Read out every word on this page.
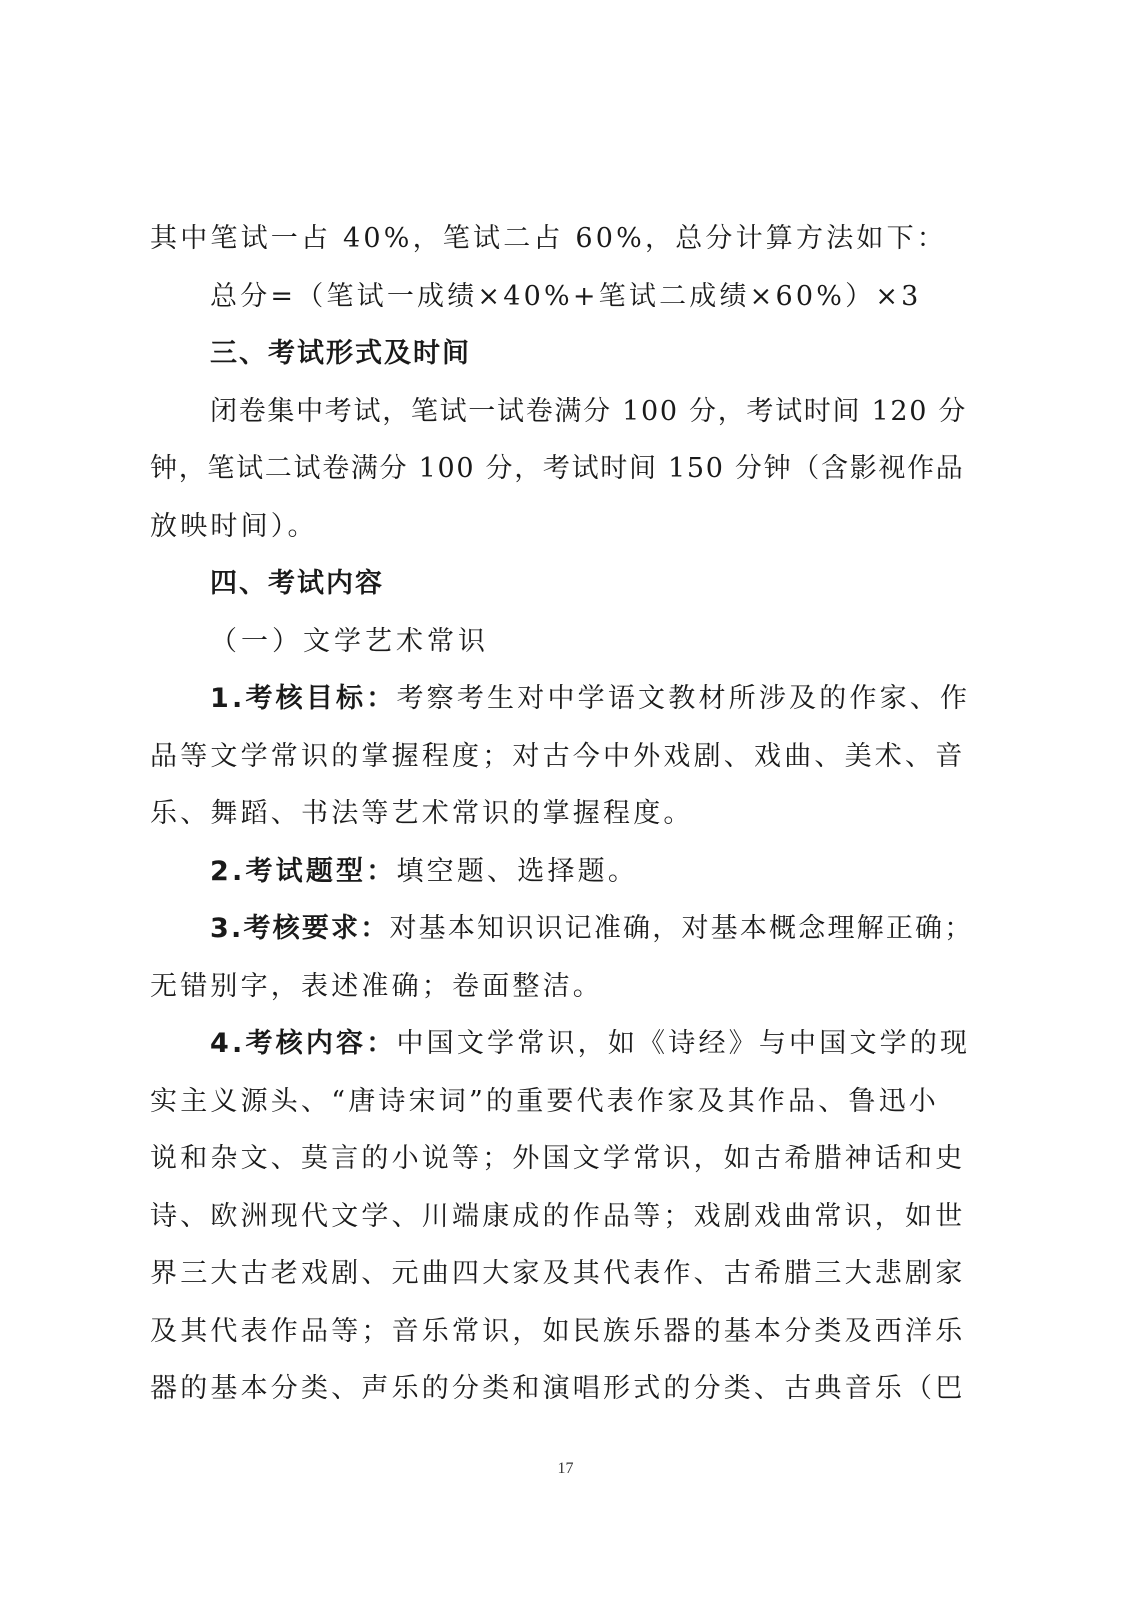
其中笔试一占 40%，笔试二占 60%，总分计算方法如下：
总分=（笔试一成绩×40%+笔试二成绩×60%）×3
三、考试形式及时间
闭卷集中考试，笔试一试卷满分 100 分，考试时间 120 分
钟，笔试二试卷满分 100 分，考试时间 150 分钟（含影视作品
放映时间）。
四、考试内容
（一）文学艺术常识
1.考核目标：考察考生对中学语文教材所涉及的作家、作
品等文学常识的掌握程度；对古今中外戏剧、戏曲、美术、音
乐、舞蹈、书法等艺术常识的掌握程度。
2.考试题型：填空题、选择题。
3.考核要求：对基本知识识记准确，对基本概念理解正确；
无错别字，表述准确；卷面整洁。
4.考核内容：中国文学常识，如《诗经》与中国文学的现
实主义源头、“唐诗宋词”的重要代表作家及其作品、鲁迅小
说和杂文、莫言的小说等；外国文学常识，如古希腊神话和史
诗、欧洲现代文学、川端康成的作品等；戏剧戏曲常识，如世
界三大古老戏剧、元曲四大家及其代表作、古希腊三大悲剧家
及其代表作品等；音乐常识，如民族乐器的基本分类及西洋乐
器的基本分类、声乐的分类和演唱形式的分类、古典音乐（巴
17
